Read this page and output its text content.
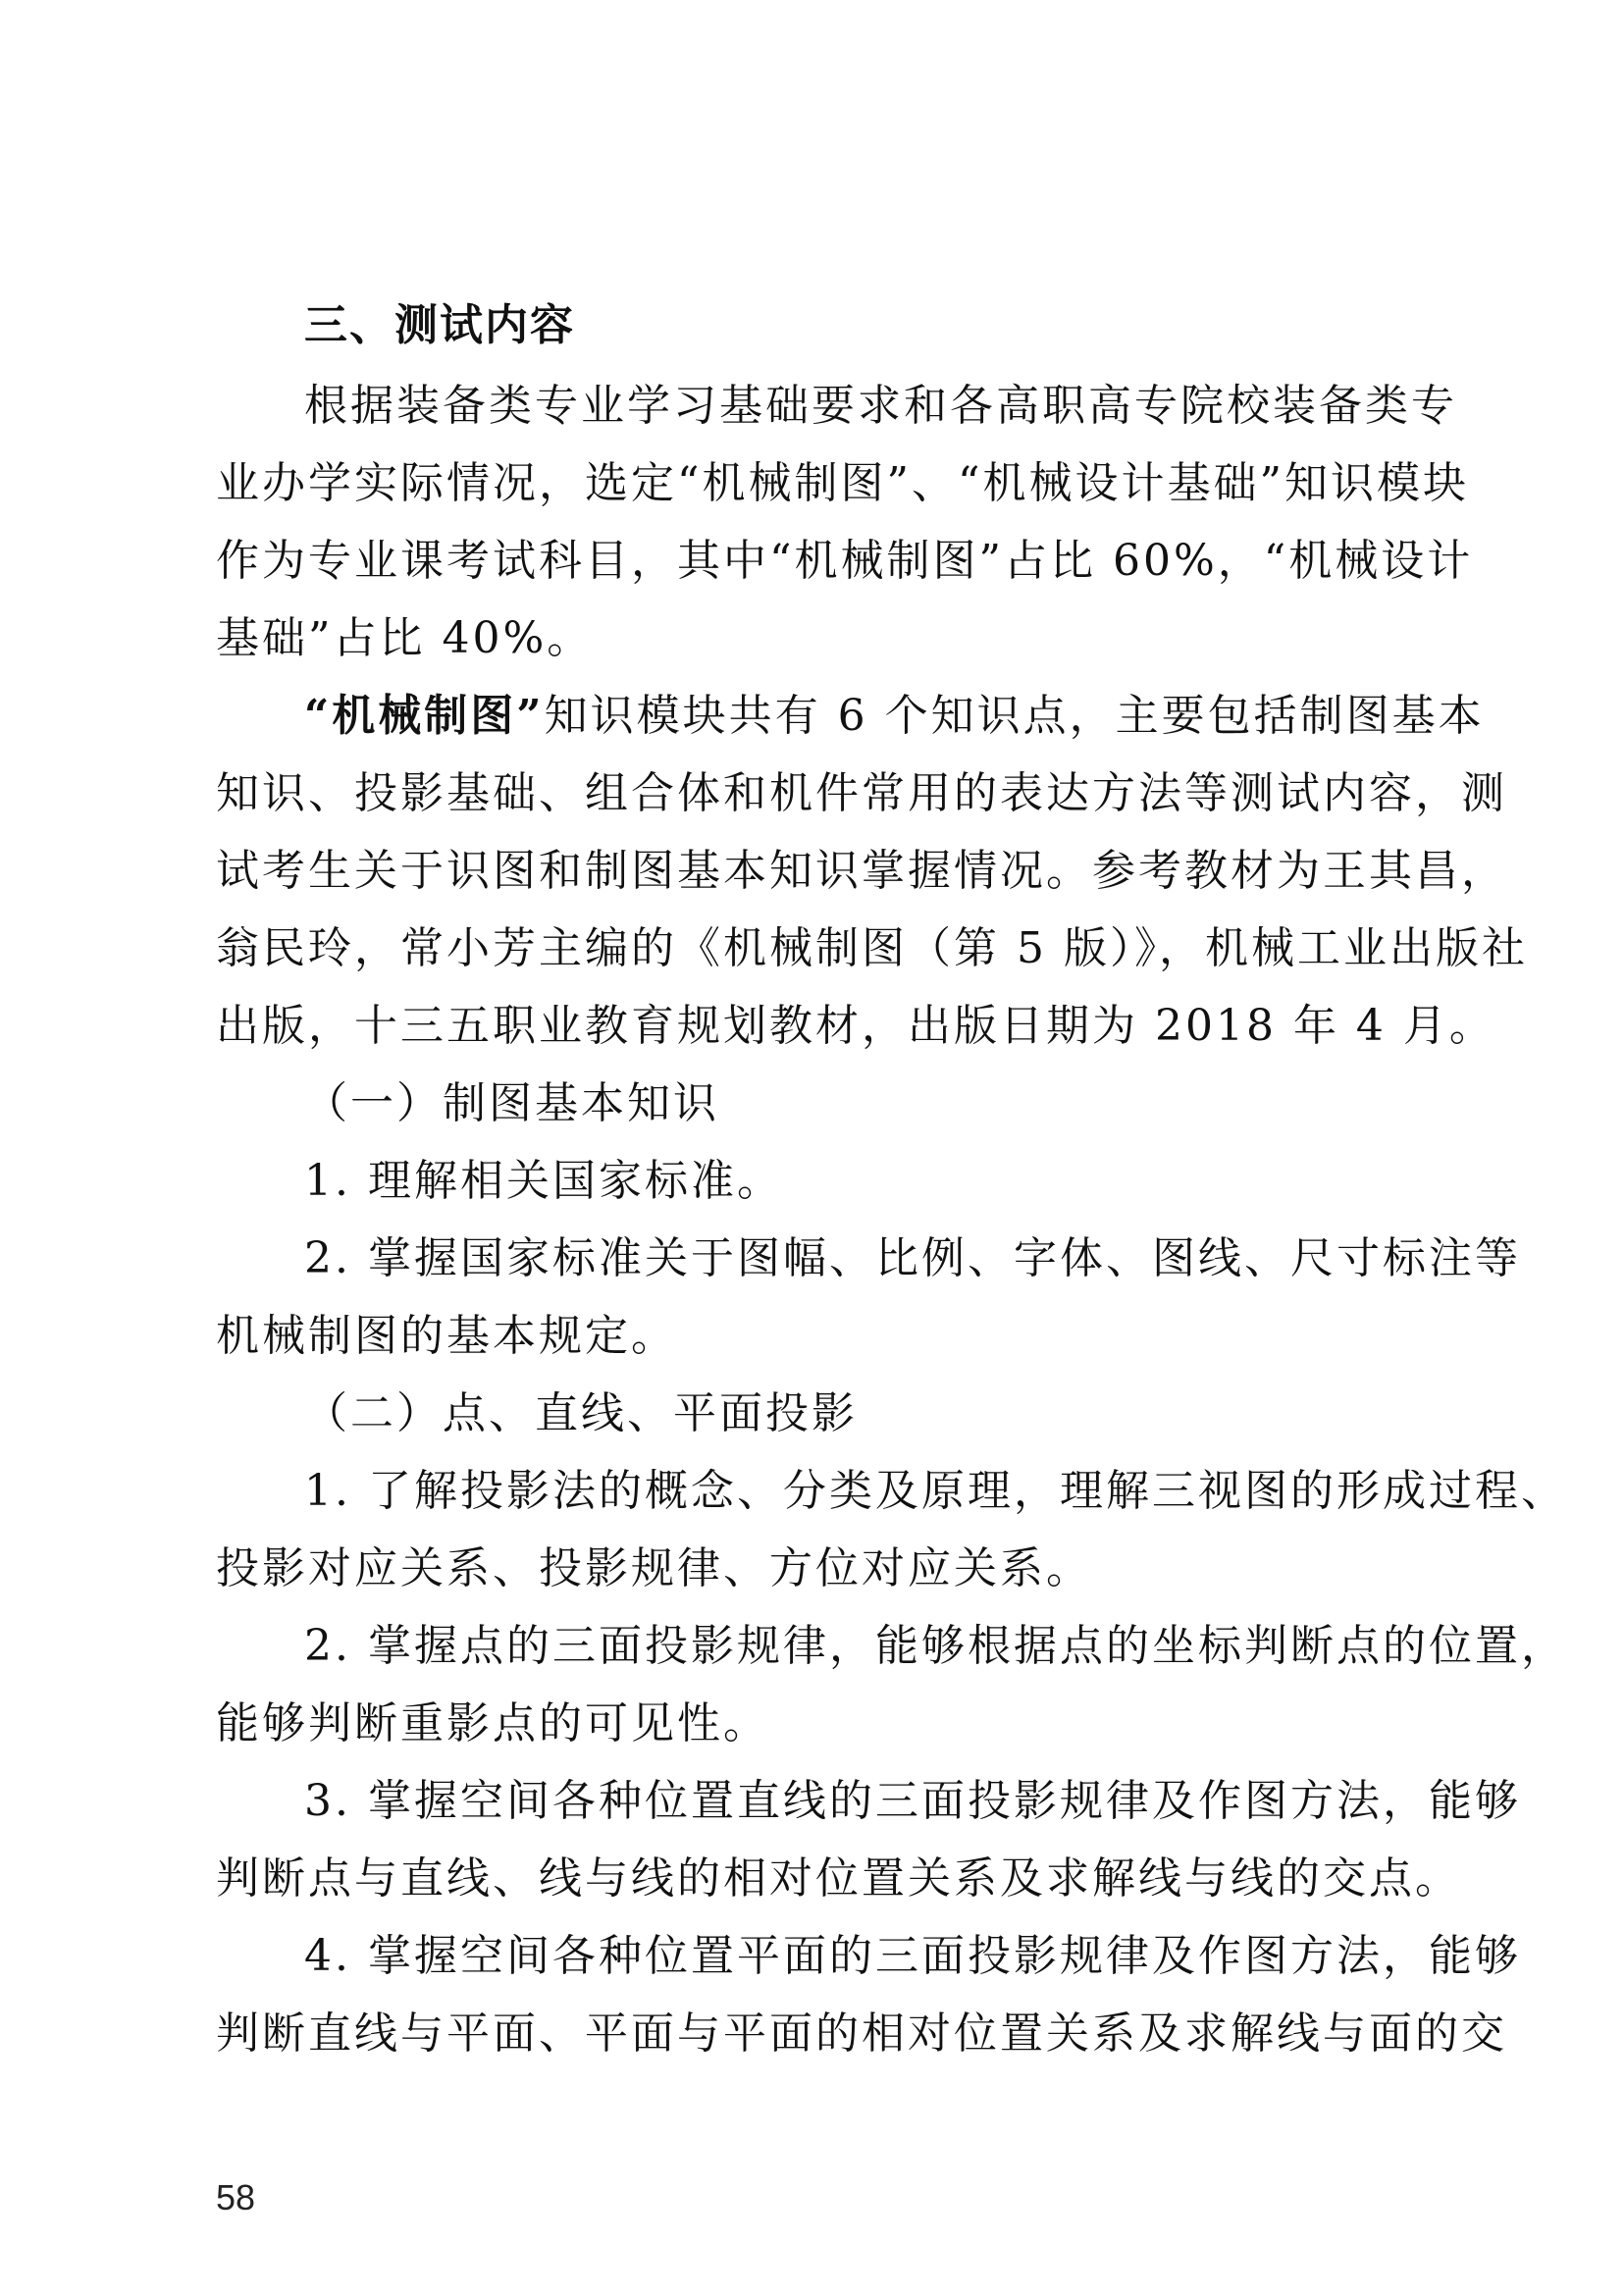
三、测试内容
根据装备类专业学习基础要求和各高职高专院校装备类专
业办学实际情况，选定“机械制图”、“机械设计基础”知识模块
作为专业课考试科目，其中“机械制图”占比 60%，“机械设计
基础”占比 40%。
“机械制图”知识模块共有 6 个知识点，主要包括制图基本
知识、投影基础、组合体和机件常用的表达方法等测试内容，测
试考生关于识图和制图基本知识掌握情况。参考教材为王其昌，
翁民玲，常小芳主编的《机械制图（第 5 版）》，机械工业出版社
出版，十三五职业教育规划教材，出版日期为 2018 年 4 月。
（一）制图基本知识
1. 理解相关国家标准。
2. 掌握国家标准关于图幅、比例、字体、图线、尺寸标注等
机械制图的基本规定。
（二）点、直线、平面投影
1. 了解投影法的概念、分类及原理，理解三视图的形成过程、
投影对应关系、投影规律、方位对应关系。
2. 掌握点的三面投影规律，能够根据点的坐标判断点的位置，
能够判断重影点的可见性。
3. 掌握空间各种位置直线的三面投影规律及作图方法，能够
判断点与直线、线与线的相对位置关系及求解线与线的交点。
4. 掌握空间各种位置平面的三面投影规律及作图方法，能够
判断直线与平面、平面与平面的相对位置关系及求解线与面的交
58
